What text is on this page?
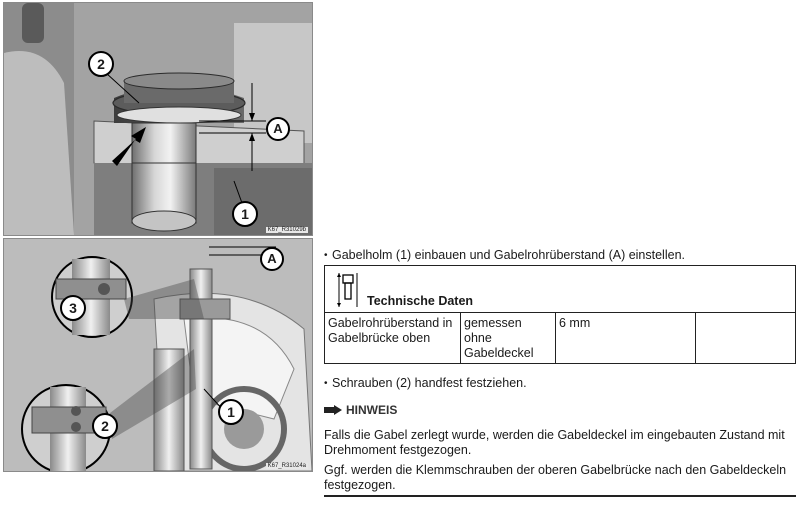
2
A
1
K67_R31029b
A
3
2
1
K67_R31024a
• Gabelholm (1) einbauen und Gabelrohrüberstand (A) einstellen.
Technische Daten
Gabelrohrüberstand in Gabelbrücke oben
gemessen ohne Gabeldeckel
6 mm
• Schrauben (2) handfest festziehen.
HINWEIS
Falls die Gabel zerlegt wurde, werden die Gabeldeckel im eingebauten Zustand mit Drehmoment festgezogen.
Ggf. werden die Klemmschrauben der oberen Gabelbrücke nach den Gabeldeckeln festgezogen.
